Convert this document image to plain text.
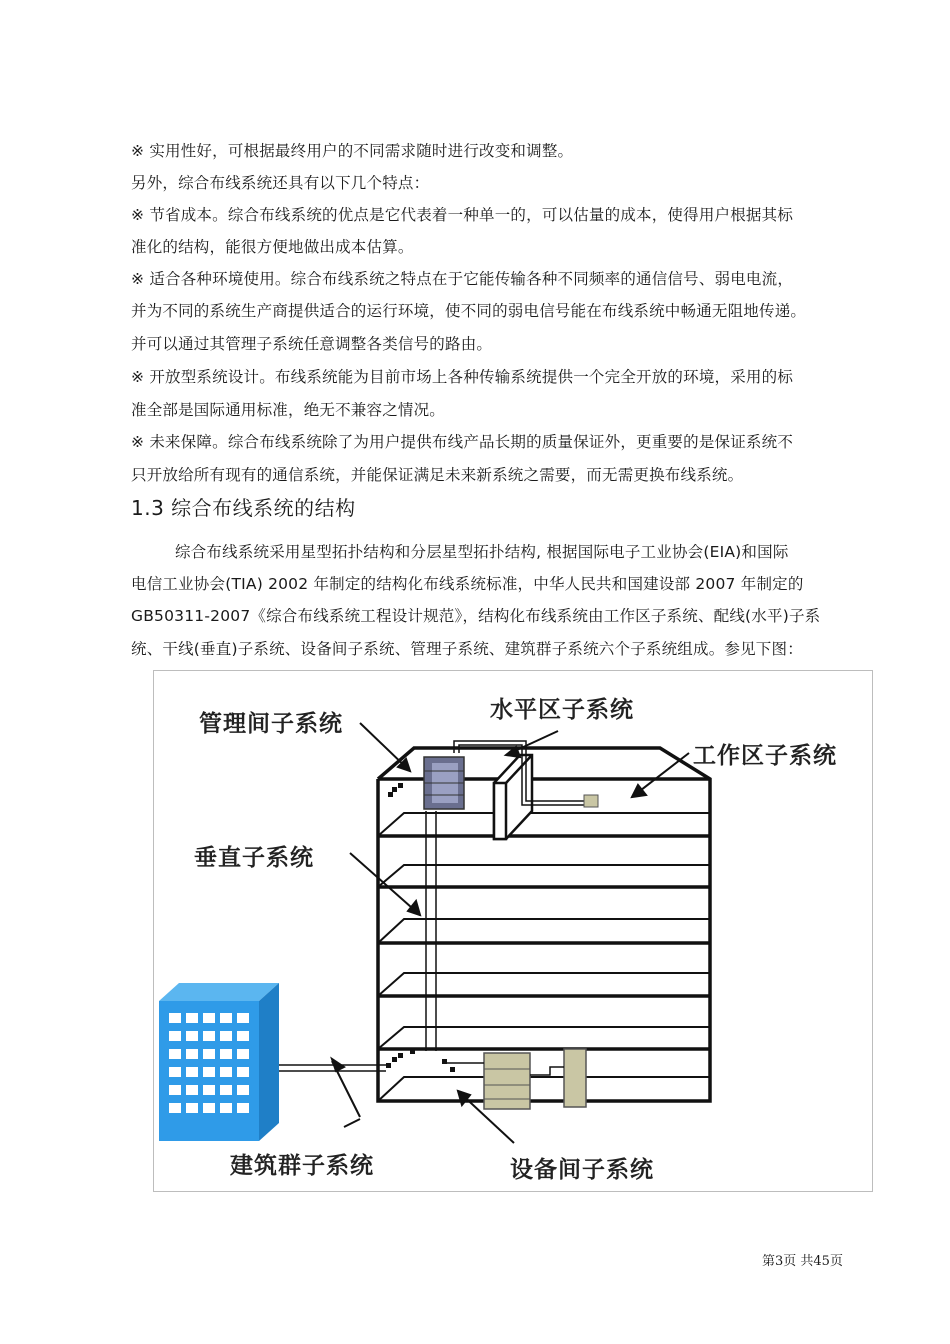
※ 实用性好，可根据最终用户的不同需求随时进行改变和调整。
另外，综合布线系统还具有以下几个特点：
※ 节省成本。综合布线系统的优点是它代表着一种单一的，可以估量的成本，使得用户根据其标
准化的结构，能很方便地做出成本估算。
※ 适合各种环境使用。综合布线系统之特点在于它能传输各种不同频率的通信信号、弱电电流，
并为不同的系统生产商提供适合的运行环境，使不同的弱电信号能在布线系统中畅通无阻地传递。
并可以通过其管理子系统任意调整各类信号的路由。
※ 开放型系统设计。布线系统能为目前市场上各种传输系统提供一个完全开放的环境，采用的标
准全部是国际通用标准，绝无不兼容之情况。
※ 未来保障。综合布线系统除了为用户提供布线产品长期的质量保证外，更重要的是保证系统不
只开放给所有现有的通信系统，并能保证满足未来新系统之需要，而无需更换布线系统。
1.3 综合布线系统的结构
综合布线系统采用星型拓扑结构和分层星型拓扑结构, 根据国际电子工业协会(EIA)和国际
电信工业协会(TIA) 2002 年制定的结构化布线系统标准，中华人民共和国建设部 2007 年制定的
GB50311-2007《综合布线系统工程设计规范》，结构化布线系统由工作区子系统、配线(水平)子系
统、干线(垂直)子系统、设备间子系统、管理子系统、建筑群子系统六个子系统组成。参见下图：
管理间子系统
水平区子系统
工作区子系统
垂直子系统
建筑群子系统	设备间子系统
第3页 共45页
